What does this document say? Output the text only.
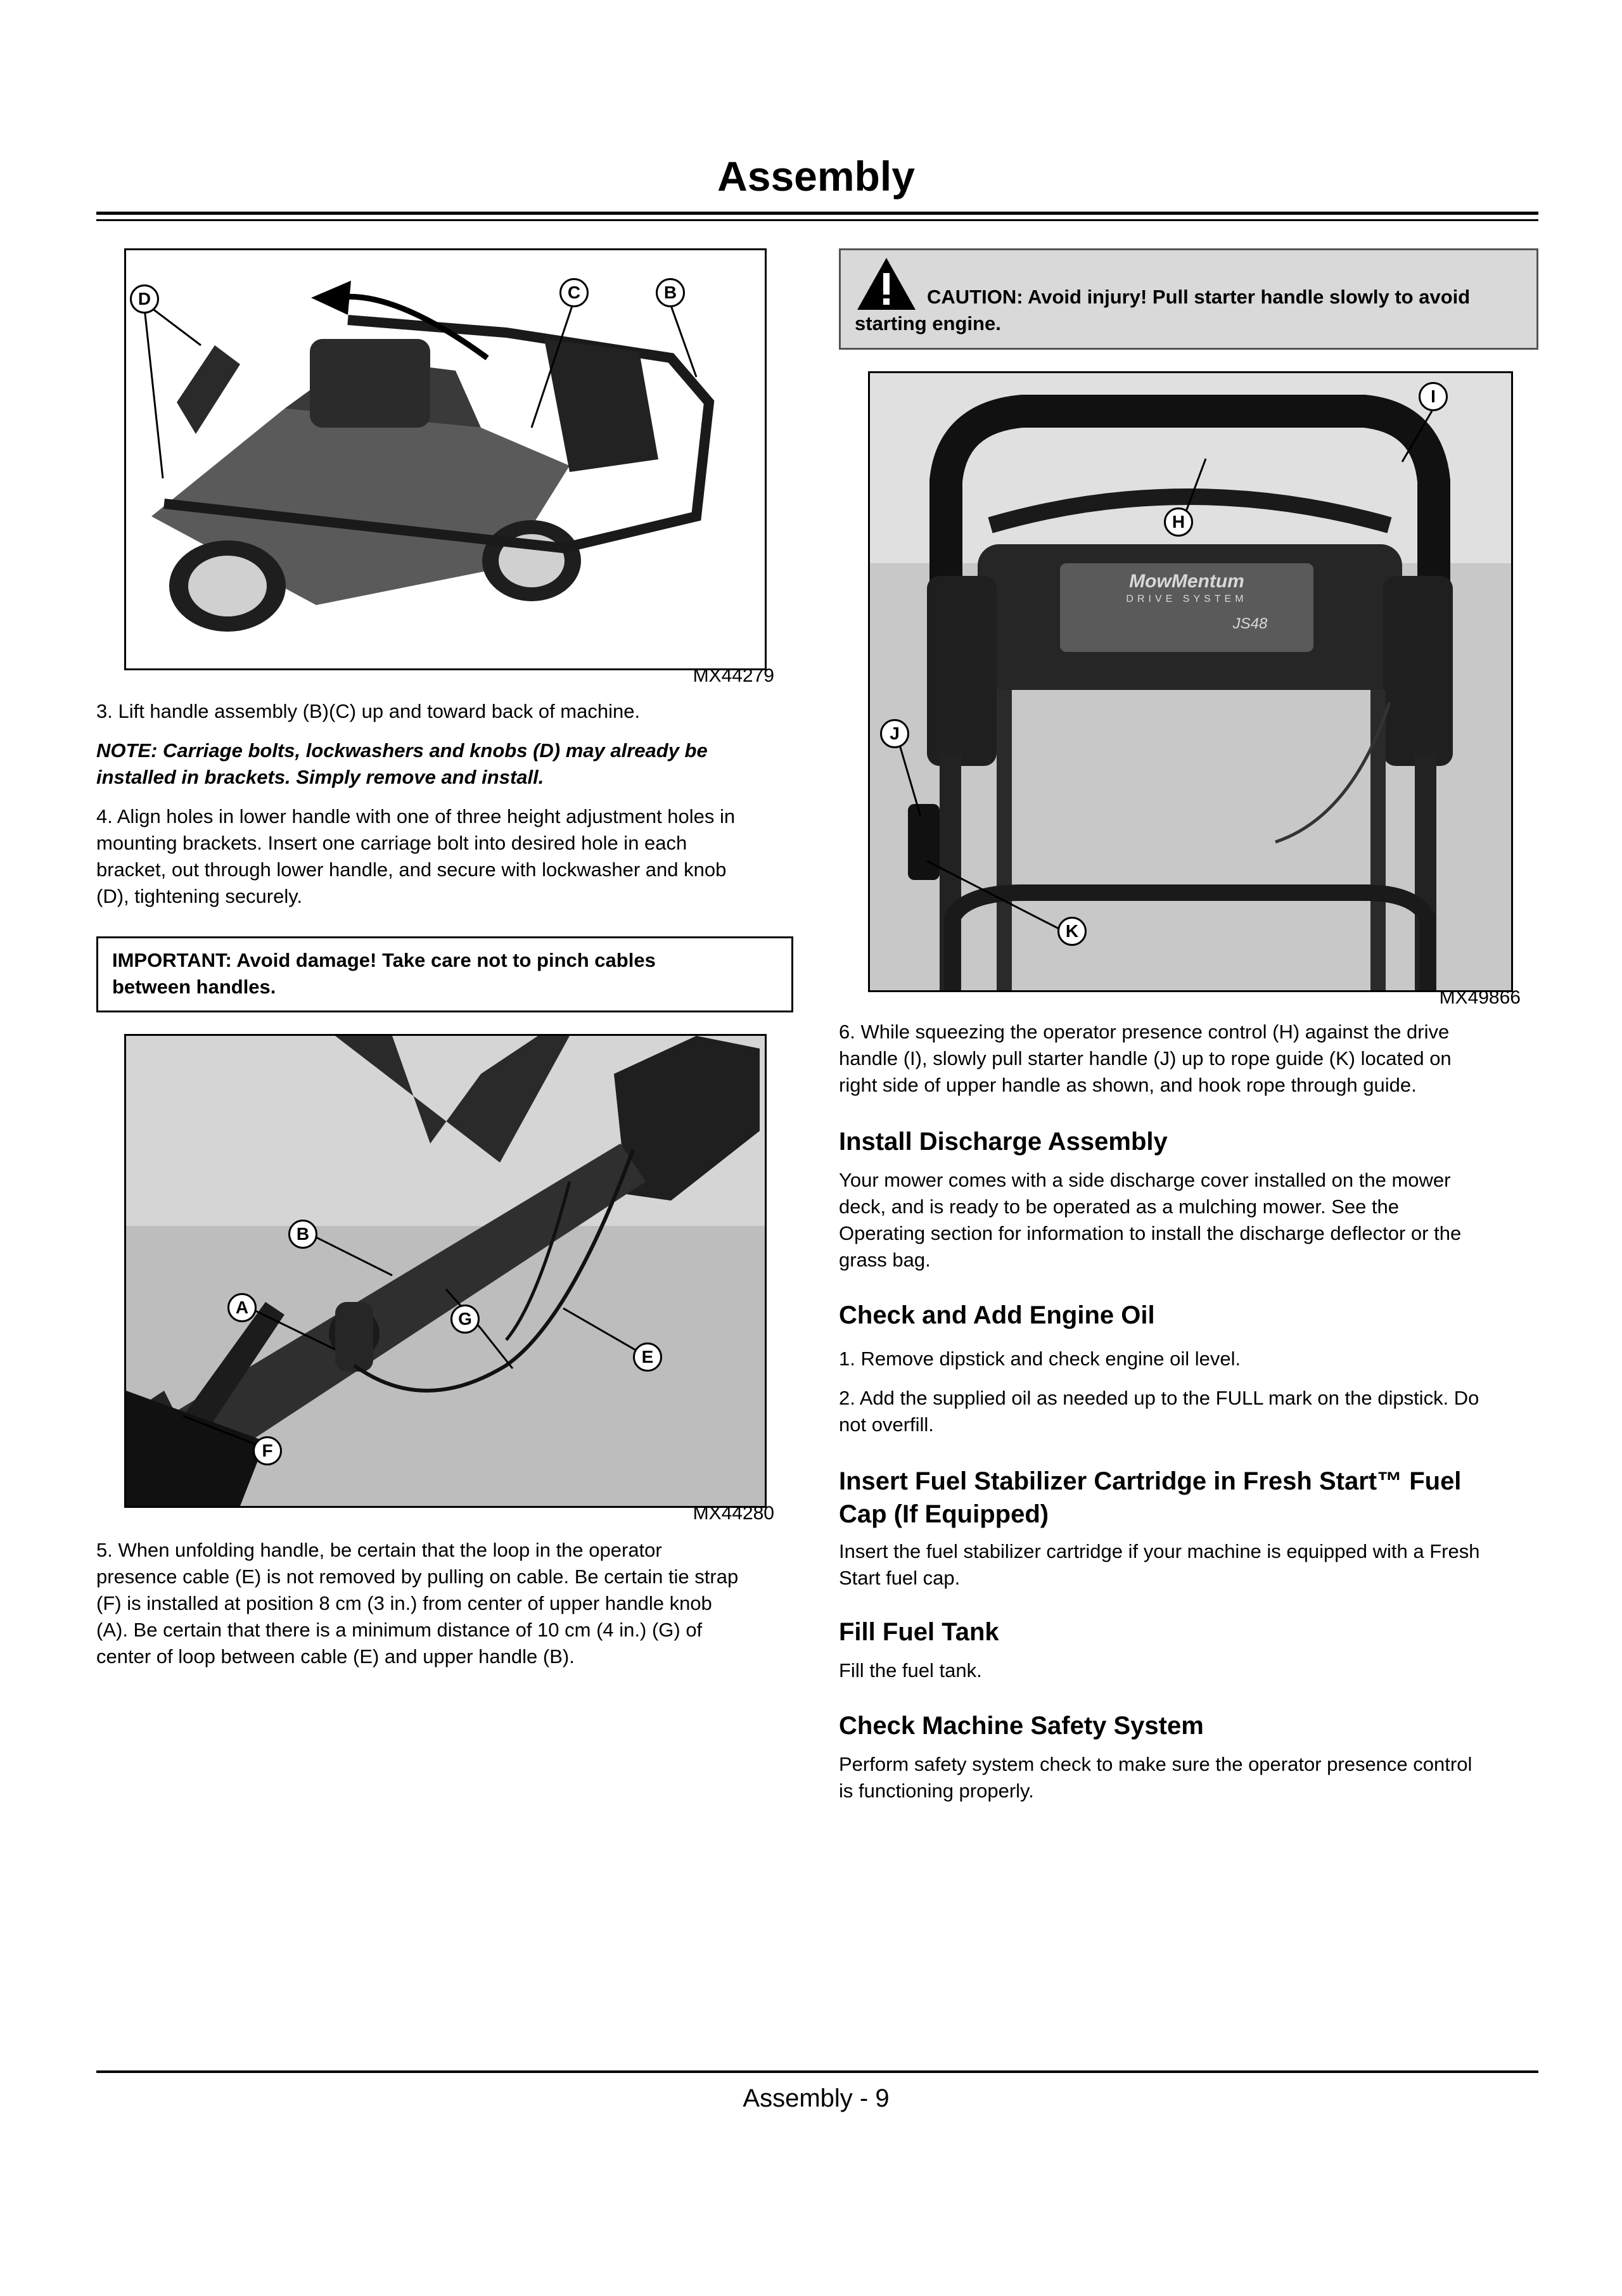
Assembly
D	C	B
MX44279
3. Lift handle assembly (B)(C) up and toward back of machine.
NOTE: Carriage bolts, lockwashers and knobs (D) may already be
installed in brackets. Simply remove and install.
4. Align holes in lower handle with one of three height adjustment holes in
mounting brackets. Insert one carriage bolt into desired hole in each
bracket, out through lower handle, and secure with lockwasher and knob
(D), tightening securely.
IMPORTANT: Avoid damage! Take care not to pinch cables
between handles.
B
A
G
E
F
MX44280
5. When unfolding handle, be certain that the loop in the operator
presence cable (E) is not removed by pulling on cable. Be certain tie strap
(F) is installed at position 8 cm (3 in.) from center of upper handle knob
(A). Be certain that there is a minimum distance of 10 cm (4 in.) (G) of
center of loop between cable (E) and upper handle (B).
CAUTION: Avoid injury! Pull starter handle slowly to avoid
starting engine.
MowMentum
DRIVE SYSTEM
JS48
I
H
J
K
MX49866
6. While squeezing the operator presence control (H) against the drive
handle (I), slowly pull starter handle (J) up to rope guide (K) located on
right side of upper handle as shown, and hook rope through guide.
Install Discharge Assembly
Your mower comes with a side discharge cover installed on the mower
deck, and is ready to be operated as a mulching mower. See the
Operating section for information to install the discharge deflector or the
grass bag.
Check and Add Engine Oil
1. Remove dipstick and check engine oil level.
2. Add the supplied oil as needed up to the FULL mark on the dipstick. Do
not overfill.
Insert Fuel Stabilizer Cartridge in Fresh Start™ Fuel
Cap (If Equipped)
Insert the fuel stabilizer cartridge if your machine is equipped with a Fresh
Start fuel cap.
Fill Fuel Tank
Fill the fuel tank.
Check Machine Safety System
Perform safety system check to make sure the operator presence control
is functioning properly.
Assembly - 9
